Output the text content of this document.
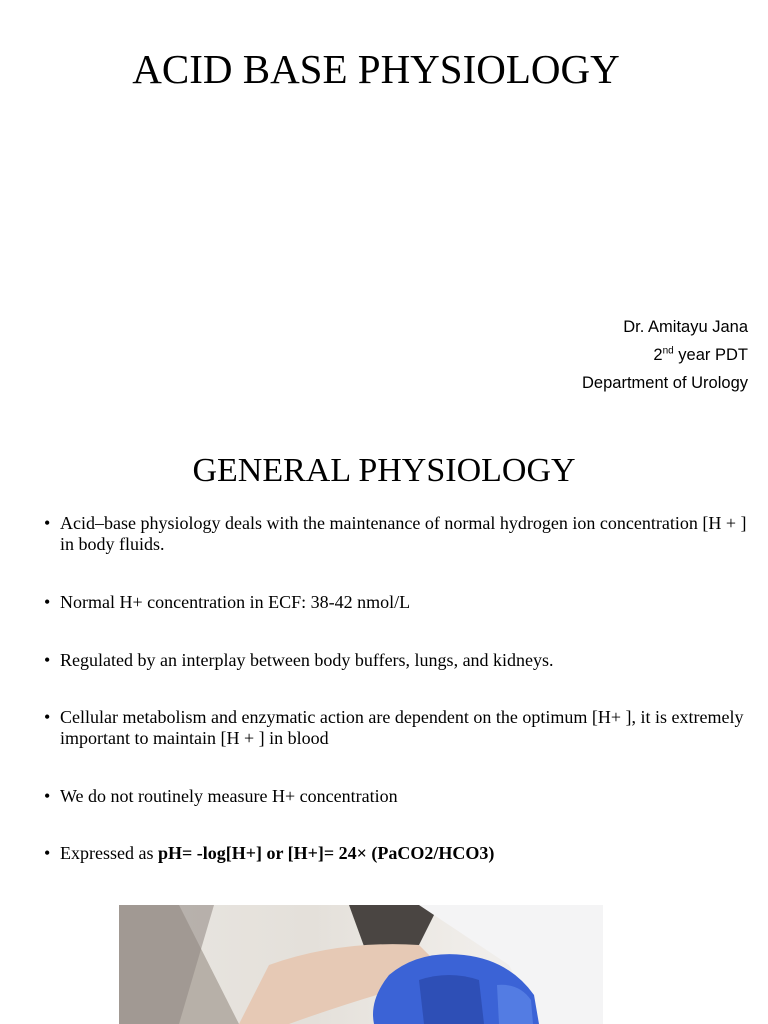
ACID BASE PHYSIOLOGY
Dr. Amitayu Jana
2nd year PDT
Department of Urology
GENERAL PHYSIOLOGY
• Acid–base physiology deals with the maintenance of normal hydrogen ion concentration [H + ] in body fluids.
• Normal H+ concentration in ECF: 38-42 nmol/L
• Regulated by an interplay between body buffers, lungs, and kidneys.
• Cellular metabolism and enzymatic action are dependent on the optimum [H+ ], it is extremely important to maintain [H + ] in blood
• We do not routinely measure H+ concentration
• Expressed as pH= -log[H+] or [H+]= 24× (PaCO2/HCO3)
